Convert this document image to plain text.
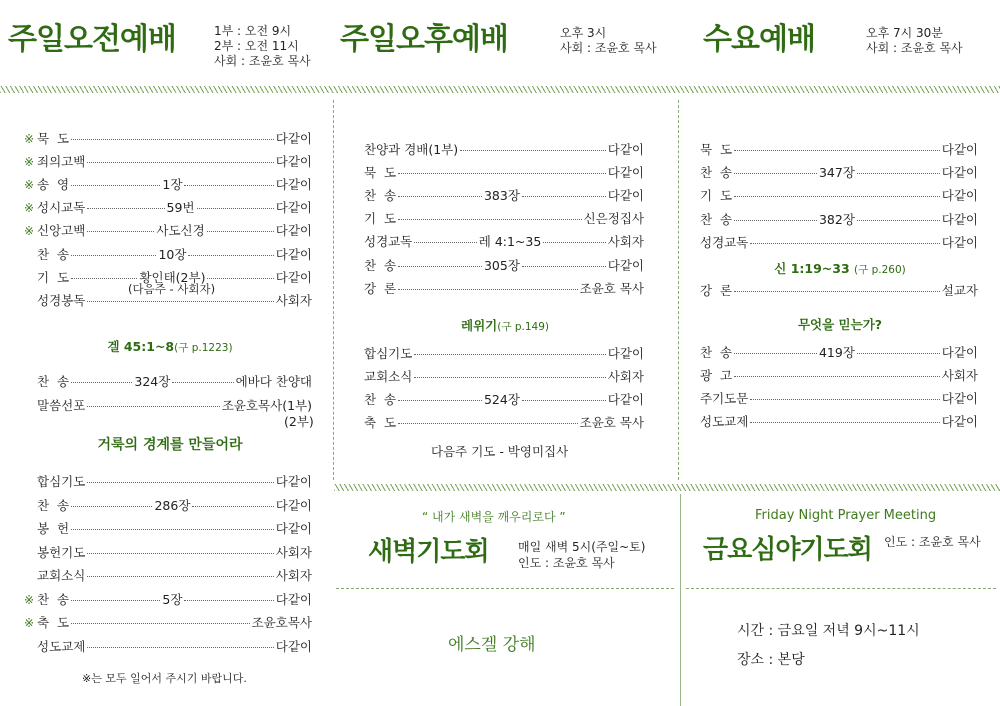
주일오전예배	1부 : 오전 9시
2부 : 오전 11시
사회 : 조윤호 목사
주일오후예배	오후 3시
사회 : 조윤호 목사 수요예배	오후 7시 30분
사회 : 조윤호 목사
※ 묵  도	다같이
※ 죄의고백	다같이
※ 송  영	1장	다같이
※ 성시교독	59번	다같이
※ 신앙고백	사도신경	다같이
찬  송	10장	다같이
기  도	황인태(2부)	다같이
성경봉독	사회자
(다음주 - 사회자)
겔 45:1~8(구 p.1223)
찬  송	324장	에바다 찬양대
말씀선포	조윤호목사(1부)
(2부)
거룩의 경계를 만들어라
합심기도	다같이
찬  송	286장	다같이
봉  헌	다같이
봉헌기도	사회자
교회소식	사회자
※ 찬  송	5장	다같이
※ 축  도	조윤호목사
성도교제	다같이
※는 모두 일어서 주시기 바랍니다.
찬양과 경배(1부)	다같이
묵  도	다같이
찬  송	383장	다같이
기  도	신은정집사
성경교독	레 4:1~35	사회자
찬  송	305장	다같이
강  론	조윤호 목사
레위기(구 p.149)
합심기도	다같이
교회소식	사회자
찬  송	524장	다같이
축  도	조윤호 목사
다음주 기도 - 박영미집사
묵  도	다같이
찬  송	347장	다같이
기  도	다같이
찬  송	382장	다같이
성경교독	다같이
신 1:19~33 (구 p.260)
강  론	설교자
무엇을 믿는가?
찬  송	419장	다같이
광  고	사회자
주기도문	다같이
성도교제	다같이
“ 내가 새벽을 깨우리로다 ”
새벽기도회 매일 새벽 5시(주일~토)
인도 : 조윤호 목사
에스겔 강해
Friday Night Prayer Meeting
금요심야기도회 인도 : 조윤호 목사
시간 : 금요일 저녁 9시~11시
장소 : 본당
